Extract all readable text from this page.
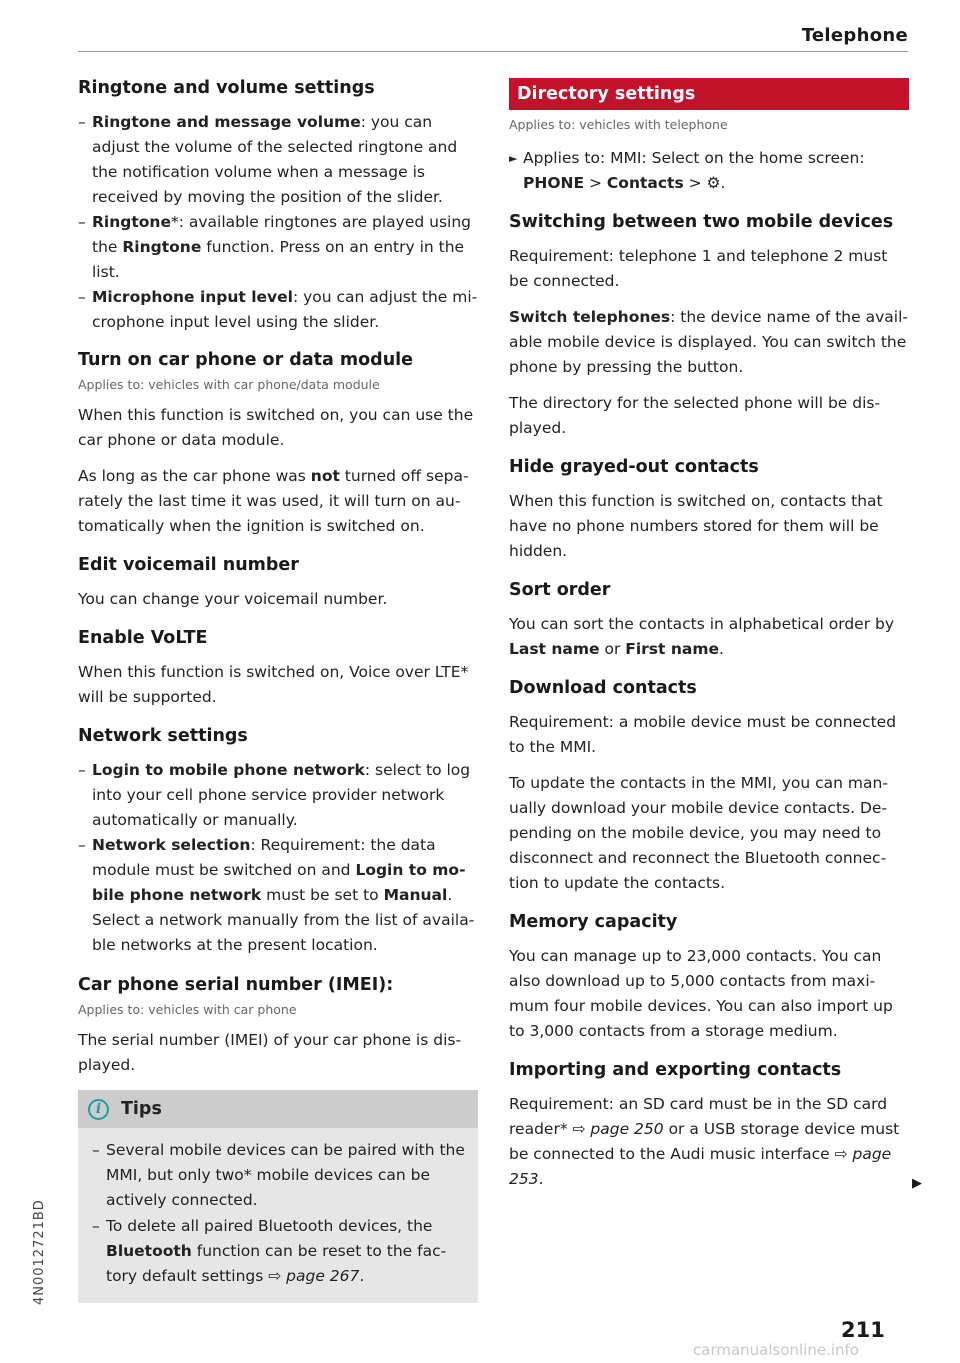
Telephone
Ringtone and volume settings
– Ringtone and message volume: you can adjust the volume of the selected ringtone and the notification volume when a message is received by moving the position of the slider.
– Ringtone*: available ringtones are played using the Ringtone function. Press on an entry in the list.
– Microphone input level: you can adjust the microphone input level using the slider.
Turn on car phone or data module

Applies to: vehicles with car phone/data module

When this function is switched on, you can use the car phone or data module.

As long as the car phone was not turned off separately the last time it was used, it will turn on automatically when the ignition is switched on.

Edit voicemail number

You can change your voicemail number.

Enable VoLTE

When this function is switched on, Voice over LTE* will be supported.

Network settings
– Login to mobile phone network: select to log into your cell phone service provider network automatically or manually.
– Network selection: Requirement: the data module must be switched on and Login to mobile phone network must be set to Manual. Select a network manually from the list of available networks at the present location.
Car phone serial number (IMEI):

Applies to: vehicles with car phone

The serial number (IMEI) of your car phone is displayed.

i	Tips
– Several mobile devices can be paired with the MMI, but only two* mobile devices can be actively connected.
– To delete all paired Bluetooth devices, the Bluetooth function can be reset to the factory default settings ⇨ page 267.
Directory settings

Applies to: vehicles with telephone

► Applies to: MMI: Select on the home screen:
PHONE > Contacts > ⚙.
Switching between two mobile devices

Requirement: telephone 1 and telephone 2 must be connected.

Switch telephones: the device name of the available mobile device is displayed. You can switch the phone by pressing the button.

The directory for the selected phone will be displayed.

Hide grayed-out contacts

When this function is switched on, contacts that have no phone numbers stored for them will be hidden.

Sort order

You can sort the contacts in alphabetical order by Last name or First name.

Download contacts

Requirement: a mobile device must be connected to the MMI.

To update the contacts in the MMI, you can manually download your mobile device contacts. Depending on the mobile device, you may need to disconnect and reconnect the Bluetooth connection to update the contacts.

Memory capacity

You can manage up to 23,000 contacts. You can also download up to 5,000 contacts from maximum four mobile devices. You can also import up to 3,000 contacts from a storage medium.

Importing and exporting contacts

Requirement: an SD card must be in the SD card reader* ⇨ page 250 or a USB storage device must be connected to the Audi music interface ⇨ page 253.	▶
211
4N0012721BD
carmanualsonline.info
